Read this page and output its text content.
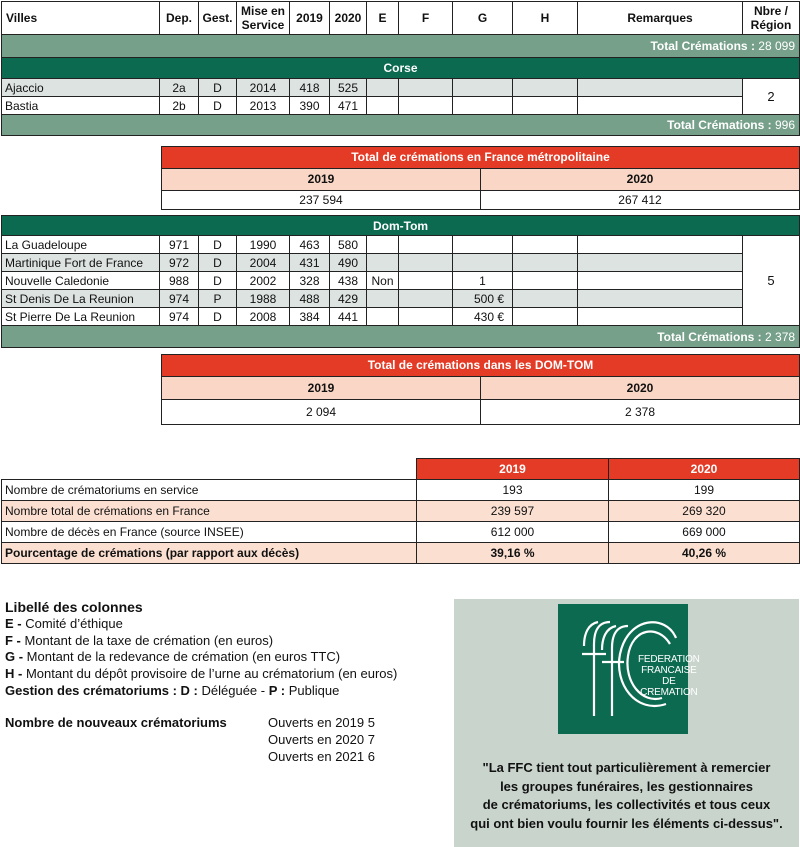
Villes	Dep.	Gest.	Mise en Service	2019	2020	E	F	G	H	Remarques	Nbre / Région
Total Crémations : 28 099											
Corse											
Ajaccio	2a	D	2014	418	525						2
Bastia	2b	D	2013	390	471						
Total Crémations : 996											
Dom-Tom											
La Guadeloupe	971	D	1990	463	580						5
Martinique Fort de France	972	D	2004	431	490						
Nouvelle Caledonie	988	D	2002	328	438	Non		1			
St Denis De La Reunion	974	P	1988	488	429			500 €			
St Pierre De La Reunion	974	D	2008	384	441			430 €			
Total Crémations : 2 378											
Total de crémations en France métropolitaine
2019	2020
237 594	267 412
Total de crémations dans les DOM-TOM
2019	2020
2 094	2 378
	2019	2020
Nombre de crématoriums en service	193	199
Nombre total de crémations en France	239 597	269 320
Nombre de décès en France (source INSEE)	612 000	669 000
Pourcentage de crémations (par rapport aux décès)	39,16 %	40,26 %
Libellé des colonnes
E - Comité d’éthique
F - Montant de la taxe de crémation (en euros)
G - Montant de la redevance de crémation (en euros TTC)
H - Montant du dépôt provisoire de l’urne au crématorium (en euros)
Gestion des crématoriums : D : Déléguée - P : Publique
Nombre de nouveaux crématoriums	Ouverts en 2019 5
Ouverts en 2020 7
Ouverts en 2021 6
FEDERATION
FRANCAISE DE
CREMATION
"La FFC tient tout particulièrement à remercier
les groupes funéraires, les gestionnaires
de crématoriums, les collectivités et tous ceux
qui ont bien voulu fournir les éléments ci-dessus".
